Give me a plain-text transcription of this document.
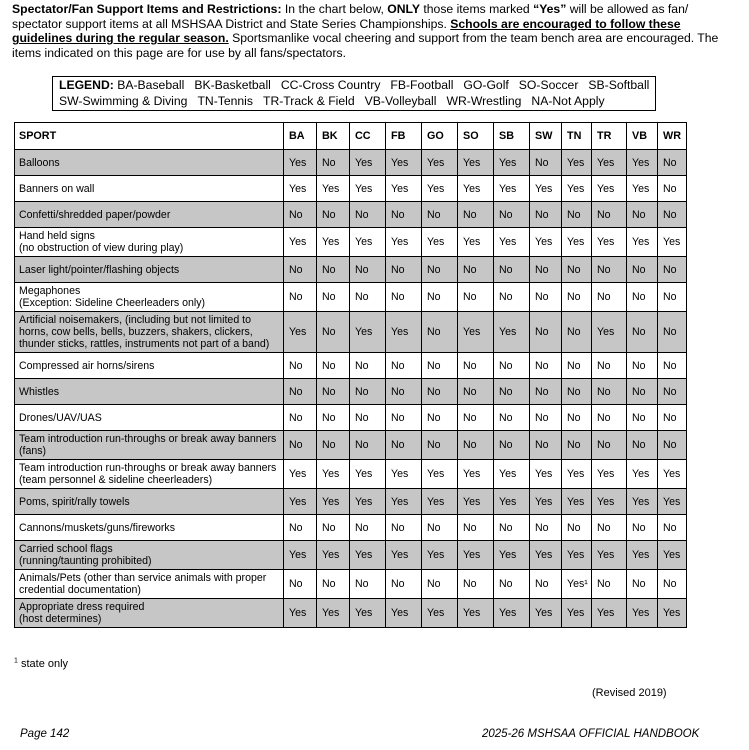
Spectator/Fan Support Items and Restrictions: In the chart below, ONLY those items marked “Yes” will be allowed as fan/ spectator support items at all MSHSAA District and State Series Championships. Schools are encouraged to follow these guidelines during the regular season. Sportsmanlike vocal cheering and support from the team bench area are encouraged. The items indicated on this page are for use by all fans/spectators.
LEGEND: BA-Baseball BK-Basketball CC-Cross Country FB-Football GO-Golf SO-Soccer SB-Softball
SW-Swimming & Diving TN-Tennis TR-Track & Field VB-Volleyball WR-Wrestling NA-Not Apply
SPORT	BA	BK	CC	FB	GO	SO	SB	SW	TN	TR	VB	WR

Balloons	Yes	No	Yes	Yes	Yes	Yes	Yes	No	Yes	Yes	Yes	No

Banners on wall	Yes	Yes	Yes	Yes	Yes	Yes	Yes	Yes	Yes	Yes	Yes	No

Confetti/shredded paper/powder	No	No	No	No	No	No	No	No	No	No	No	No

Hand held signs
(no obstruction of view during play)	Yes	Yes	Yes	Yes	Yes	Yes	Yes	Yes	Yes	Yes	Yes	Yes

Laser light/pointer/flashing objects	No	No	No	No	No	No	No	No	No	No	No	No

Megaphones
(Exception: Sideline Cheerleaders only)	No	No	No	No	No	No	No	No	No	No	No	No

Artificial noisemakers, (including but not limited to
horns, cow bells, bells, buzzers, shakers, clickers,
thunder sticks, rattles, instruments not part of a band)	Yes	No	Yes	Yes	No	Yes	Yes	No	No	Yes	No	No

Compressed air horns/sirens	No	No	No	No	No	No	No	No	No	No	No	No

Whistles	No	No	No	No	No	No	No	No	No	No	No	No

Drones/UAV/UAS	No	No	No	No	No	No	No	No	No	No	No	No

Team introduction run-throughs or break away banners
(fans)	No	No	No	No	No	No	No	No	No	No	No	No

Team introduction run-throughs or break away banners
(team personnel & sideline cheerleaders)	Yes	Yes	Yes	Yes	Yes	Yes	Yes	Yes	Yes	Yes	Yes	Yes

Poms, spirit/rally towels	Yes	Yes	Yes	Yes	Yes	Yes	Yes	Yes	Yes	Yes	Yes	Yes

Cannons/muskets/guns/fireworks	No	No	No	No	No	No	No	No	No	No	No	No

Carried school flags
(running/taunting prohibited)	Yes	Yes	Yes	Yes	Yes	Yes	Yes	Yes	Yes	Yes	Yes	Yes

Animals/Pets (other than service animals with proper
credential documentation)	No	No	No	No	No	No	No	No	Yes¹	No	No	No

Appropriate dress required
(host determines)	Yes	Yes	Yes	Yes	Yes	Yes	Yes	Yes	Yes	Yes	Yes	Yes
$^1$ state only
(Revised 2019)
Page 142	2025-26 MSHSAA OFFICIAL HANDBOOK
